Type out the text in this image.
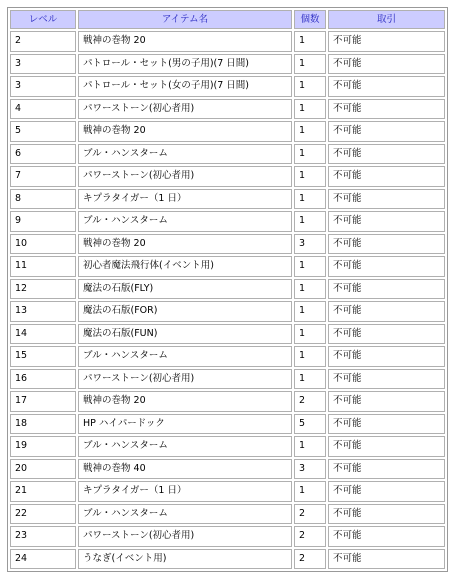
レベル	アイテム名	個数	取引
2	戦神の巻物 20	1	不可能
3	パトロール・セット(男の子用)(7 日間)	1	不可能
3	パトロール・セット(女の子用)(7 日間)	1	不可能
4	パワーストーン(初心者用)	1	不可能
5	戦神の巻物 20	1	不可能
6	ブル・ハンスターム	1	不可能
7	パワーストーン(初心者用)	1	不可能
8	キプラタイガー（1 日）	1	不可能
9	ブル・ハンスターム	1	不可能
10	戦神の巻物 20	3	不可能
11	初心者魔法飛行体(イベント用)	1	不可能
12	魔法の石版(FLY)	1	不可能
13	魔法の石版(FOR)	1	不可能
14	魔法の石版(FUN)	1	不可能
15	ブル・ハンスターム	1	不可能
16	パワーストーン(初心者用)	1	不可能
17	戦神の巻物 20	2	不可能
18	HP ハイパードック	5	不可能
19	ブル・ハンスターム	1	不可能
20	戦神の巻物 40	3	不可能
21	キプラタイガー（1 日）	1	不可能
22	ブル・ハンスターム	2	不可能
23	パワーストーン(初心者用)	2	不可能
24	うなぎ(イベント用)	2	不可能
